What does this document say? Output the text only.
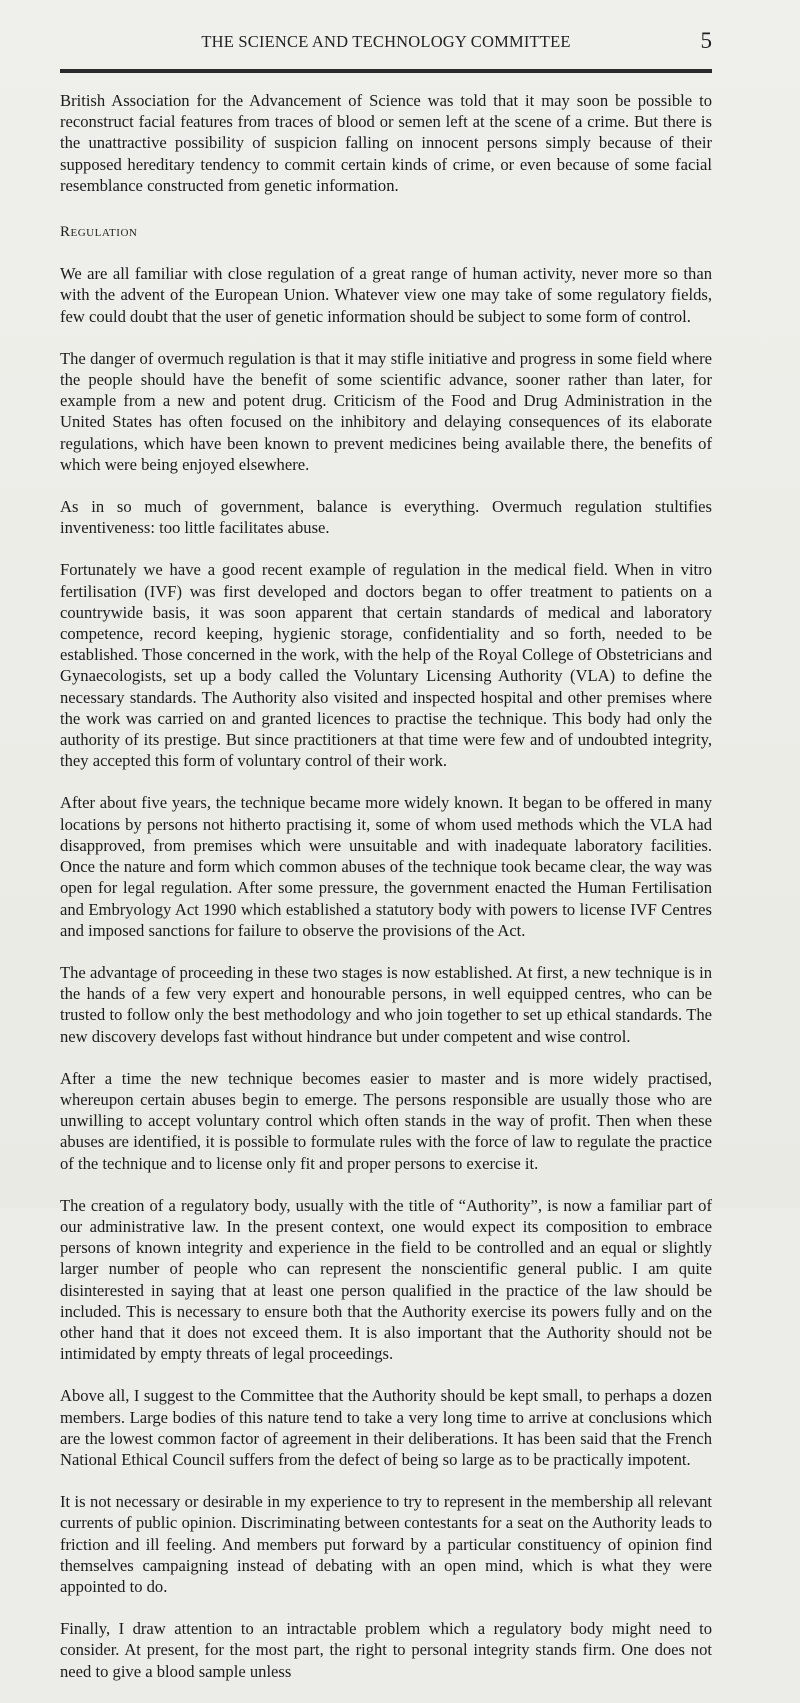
THE SCIENCE AND TECHNOLOGY COMMITTEE	5

British Association for the Advancement of Science was told that it may soon be possible to reconstruct facial features from traces of blood or semen left at the scene of a crime. But there is the unattractive possibility of suspicion falling on innocent persons simply because of their supposed hereditary tendency to commit certain kinds of crime, or even because of some facial resemblance constructed from genetic information.

Regulation

We are all familiar with close regulation of a great range of human activity, never more so than with the advent of the European Union. Whatever view one may take of some regulatory fields, few could doubt that the user of genetic information should be subject to some form of control.

The danger of overmuch regulation is that it may stifle initiative and progress in some field where the people should have the benefit of some scientific advance, sooner rather than later, for example from a new and potent drug. Criticism of the Food and Drug Administration in the United States has often focused on the inhibitory and delaying consequences of its elaborate regulations, which have been known to prevent medicines being available there, the benefits of which were being enjoyed elsewhere.

As in so much of government, balance is everything. Overmuch regulation stultifies inventiveness: too little facilitates abuse.

Fortunately we have a good recent example of regulation in the medical field. When in vitro fertilisation (IVF) was first developed and doctors began to offer treatment to patients on a countrywide basis, it was soon apparent that certain standards of medical and laboratory competence, record keeping, hygienic storage, confidentiality and so forth, needed to be established. Those concerned in the work, with the help of the Royal College of Obstetricians and Gynaecologists, set up a body called the Voluntary Licensing Authority (VLA) to define the necessary standards. The Authority also visited and inspected hospital and other premises where the work was carried on and granted licences to practise the technique. This body had only the authority of its prestige. But since practitioners at that time were few and of undoubted integrity, they accepted this form of voluntary control of their work.

After about five years, the technique became more widely known. It began to be offered in many locations by persons not hitherto practising it, some of whom used methods which the VLA had disapproved, from premises which were unsuitable and with inadequate laboratory facilities. Once the nature and form which common abuses of the technique took became clear, the way was open for legal regulation. After some pressure, the government enacted the Human Fertilisation and Embryology Act 1990 which established a statutory body with powers to license IVF Centres and imposed sanctions for failure to observe the provisions of the Act.

The advantage of proceeding in these two stages is now established. At first, a new technique is in the hands of a few very expert and honourable persons, in well equipped centres, who can be trusted to follow only the best methodology and who join together to set up ethical standards. The new discovery develops fast without hindrance but under competent and wise control.

After a time the new technique becomes easier to master and is more widely practised, whereupon certain abuses begin to emerge. The persons responsible are usually those who are unwilling to accept voluntary control which often stands in the way of profit. Then when these abuses are identified, it is possible to formulate rules with the force of law to regulate the practice of the technique and to license only fit and proper persons to exercise it.

The creation of a regulatory body, usually with the title of “Authority”, is now a familiar part of our administrative law. In the present context, one would expect its composition to embrace persons of known integrity and experience in the field to be controlled and an equal or slightly larger number of people who can represent the nonscientific general public. I am quite disinterested in saying that at least one person qualified in the practice of the law should be included. This is necessary to ensure both that the Authority exercise its powers fully and on the other hand that it does not exceed them. It is also important that the Authority should not be intimidated by empty threats of legal proceedings.

Above all, I suggest to the Committee that the Authority should be kept small, to perhaps a dozen members. Large bodies of this nature tend to take a very long time to arrive at conclusions which are the lowest common factor of agreement in their deliberations. It has been said that the French National Ethical Council suffers from the defect of being so large as to be practically impotent.

It is not necessary or desirable in my experience to try to represent in the membership all relevant currents of public opinion. Discriminating between contestants for a seat on the Authority leads to friction and ill feeling. And members put forward by a particular constituency of opinion find themselves campaigning instead of debating with an open mind, which is what they were appointed to do.

Finally, I draw attention to an intractable problem which a regulatory body might need to consider. At present, for the most part, the right to personal integrity stands firm. One does not need to give a blood sample unless
